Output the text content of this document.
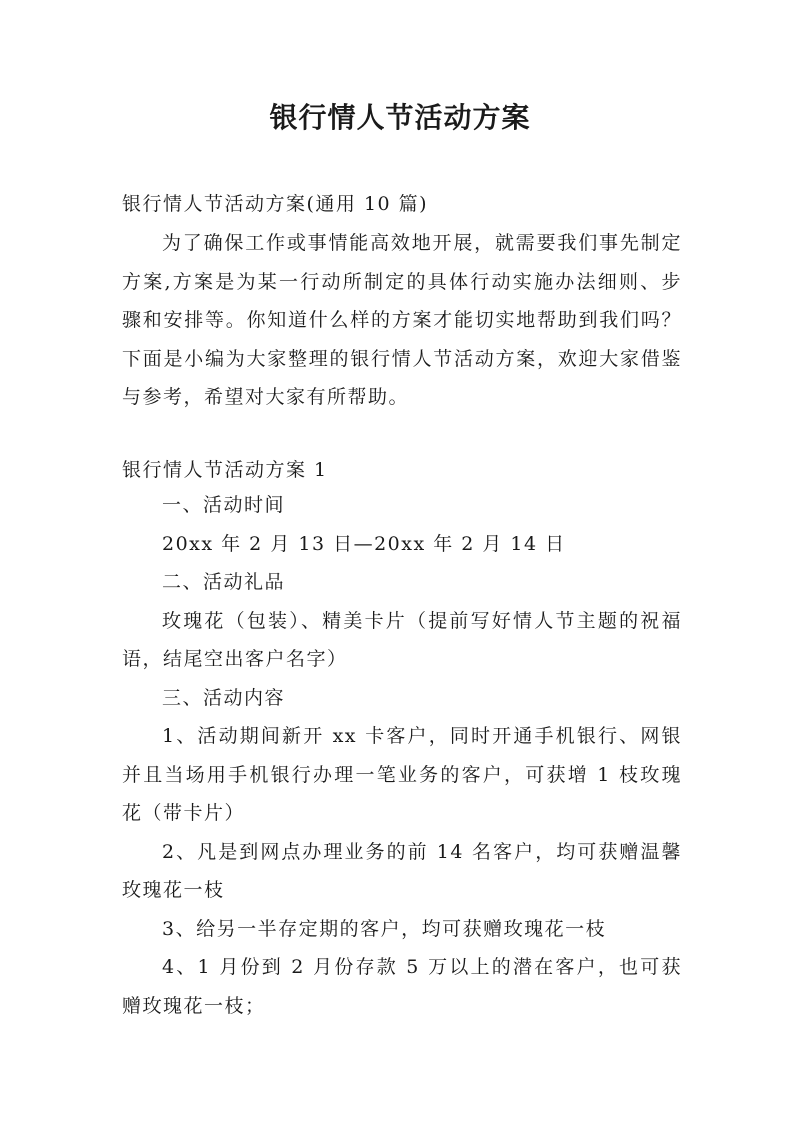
银行情人节活动方案

银行情人节活动方案(通用 10 篇)

为了确保工作或事情能高效地开展，就需要我们事先制定方案,方案是为某一行动所制定的具体行动实施办法细则、步骤和安排等。你知道什么样的方案才能切实地帮助到我们吗？下面是小编为大家整理的银行情人节活动方案，欢迎大家借鉴与参考，希望对大家有所帮助。

银行情人节活动方案 1

一、活动时间
20xx 年 2 月 13 日—20xx 年 2 月 14 日
二、活动礼品
玫瑰花（包装）、精美卡片（提前写好情人节主题的祝福语，结尾空出客户名字）
三、活动内容
1、活动期间新开 xx 卡客户，同时开通手机银行、网银并且当场用手机银行办理一笔业务的客户，可获增 1 枝玫瑰花（带卡片）
2、凡是到网点办理业务的前 14 名客户，均可获赠温馨玫瑰花一枝
3、给另一半存定期的客户，均可获赠玫瑰花一枝
4、1 月份到 2 月份存款 5 万以上的潜在客户，也可获赠玫瑰花一枝；
